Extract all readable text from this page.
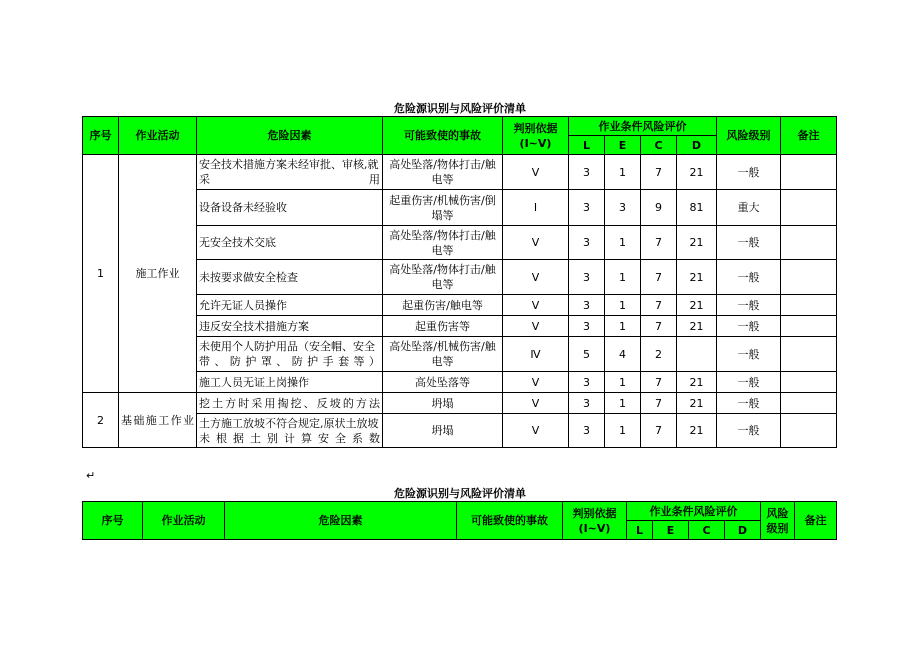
危险源识别与风险评价清单
序号	作业活动	危险因素	可能致使的事故	判别依据(Ⅰ~Ⅴ)	作业条件风险评价				风险级别	备注
					L	E	C	D		
1	施工作业	安全技术措施方案未经审批、审核,就采用	高处坠落/物体打击/触电等	Ⅴ	3	1	7	21	一般	
		设备设备未经验收	起重伤害/机械伤害/倒塌等	Ⅰ	3	3	9	81	重大	
		无安全技术交底	高处坠落/物体打击/触电等	Ⅴ	3	1	7	21	一般	
		未按要求做安全检查	高处坠落/物体打击/触电等	Ⅴ	3	1	7	21	一般	
		允许无证人员操作	起重伤害/触电等	Ⅴ	3	1	7	21	一般	
		违反安全技术措施方案	起重伤害等	Ⅴ	3	1	7	21	一般	
		未使用个人防护用品（安全帽、安全带、防护罩、防护手套等）	高处坠落/机械伤害/触电等	Ⅳ	5	4	2		一般	
		施工人员无证上岗操作	高处坠落等	Ⅴ	3	1	7	21	一般	
2	基础施工作业	挖土方时采用掏挖、反坡的方法	坍塌	Ⅴ	3	1	7	21	一般	
		土方施工放坡不符合规定,原状土放坡未根据土别计算安全系数	坍塌	Ⅴ	3	1	7	21	一般	
↵
危险源识别与风险评价清单
序号	作业活动	危险因素	可能致使的事故	判别依据(Ⅰ~Ⅴ)	作业条件风险评价				风险级别	备注
					L	E	C	D		
